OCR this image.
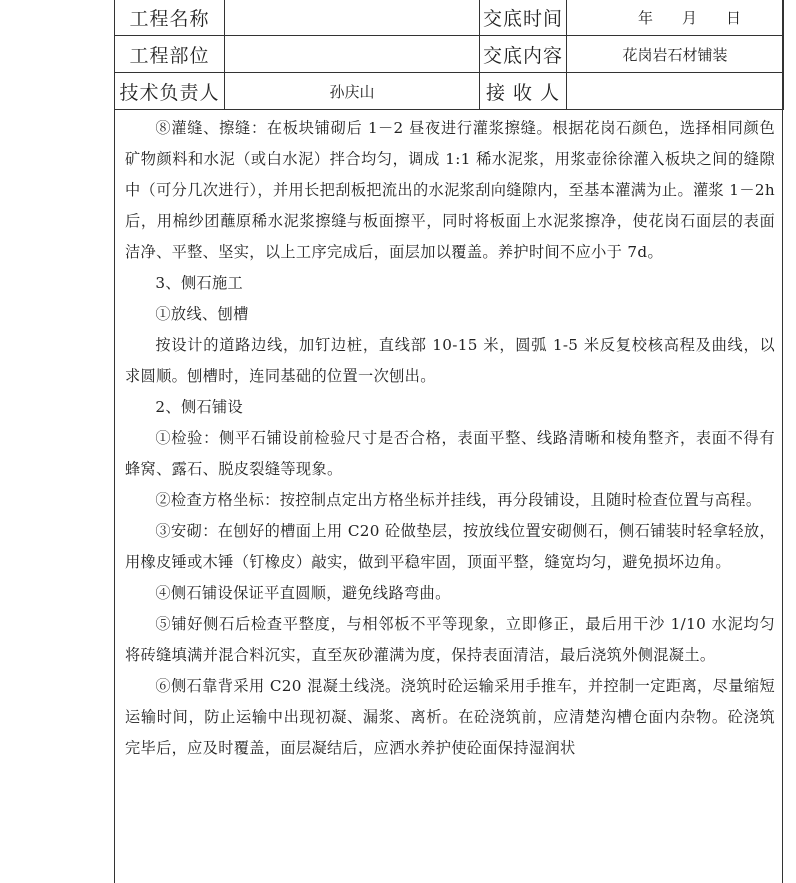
工程名称		交底时间	年 月 日
工程部位		交底内容	花岗岩石材铺装
技术负责人	孙庆山	接 收 人	

⑧灌缝、擦缝：在板块铺砌后 1－2 昼夜进行灌浆擦缝。根据花岗石颜色，选择相同颜色矿物颜料和水泥（或白水泥）拌合均匀，调成 1:1 稀水泥浆，用浆壶徐徐灌入板块之间的缝隙中（可分几次进行），并用长把刮板把流出的水泥浆刮向缝隙内，至基本灌满为止。灌浆 1－2h 后，用棉纱团蘸原稀水泥浆擦缝与板面擦平，同时将板面上水泥浆擦净，使花岗石面层的表面洁净、平整、坚实，以上工序完成后，面层加以覆盖。养护时间不应小于 7d。

3、侧石施工

①放线、刨槽

按设计的道路边线，加钉边桩，直线部 10-15 米，圆弧 1-5 米反复校核高程及曲线，以求圆顺。刨槽时，连同基础的位置一次刨出。

2、侧石铺设

①检验：侧平石铺设前检验尺寸是否合格，表面平整、线路清晰和棱角整齐，表面不得有蜂窝、露石、脱皮裂缝等现象。

②检查方格坐标：按控制点定出方格坐标并挂线，再分段铺设，且随时检查位置与高程。

③安砌：在刨好的槽面上用 C20 砼做垫层，按放线位置安砌侧石，侧石铺装时轻拿轻放，用橡皮锤或木锤（钉橡皮）敲实，做到平稳牢固，顶面平整，缝宽均匀，避免损坏边角。

④侧石铺设保证平直圆顺，避免线路弯曲。

⑤铺好侧石后检查平整度，与相邻板不平等现象，立即修正，最后用干沙 1/10 水泥均匀将砖缝填满并混合料沉实，直至灰砂灌满为度，保持表面清洁，最后浇筑外侧混凝土。

⑥侧石靠背采用 C20 混凝土线浇。浇筑时砼运输采用手推车，并控制一定距离，尽量缩短运输时间，防止运输中出现初凝、漏浆、离析。在砼浇筑前，应清楚沟槽仓面内杂物。砼浇筑完毕后，应及时覆盖，面层凝结后，应洒水养护使砼面保持湿润状
